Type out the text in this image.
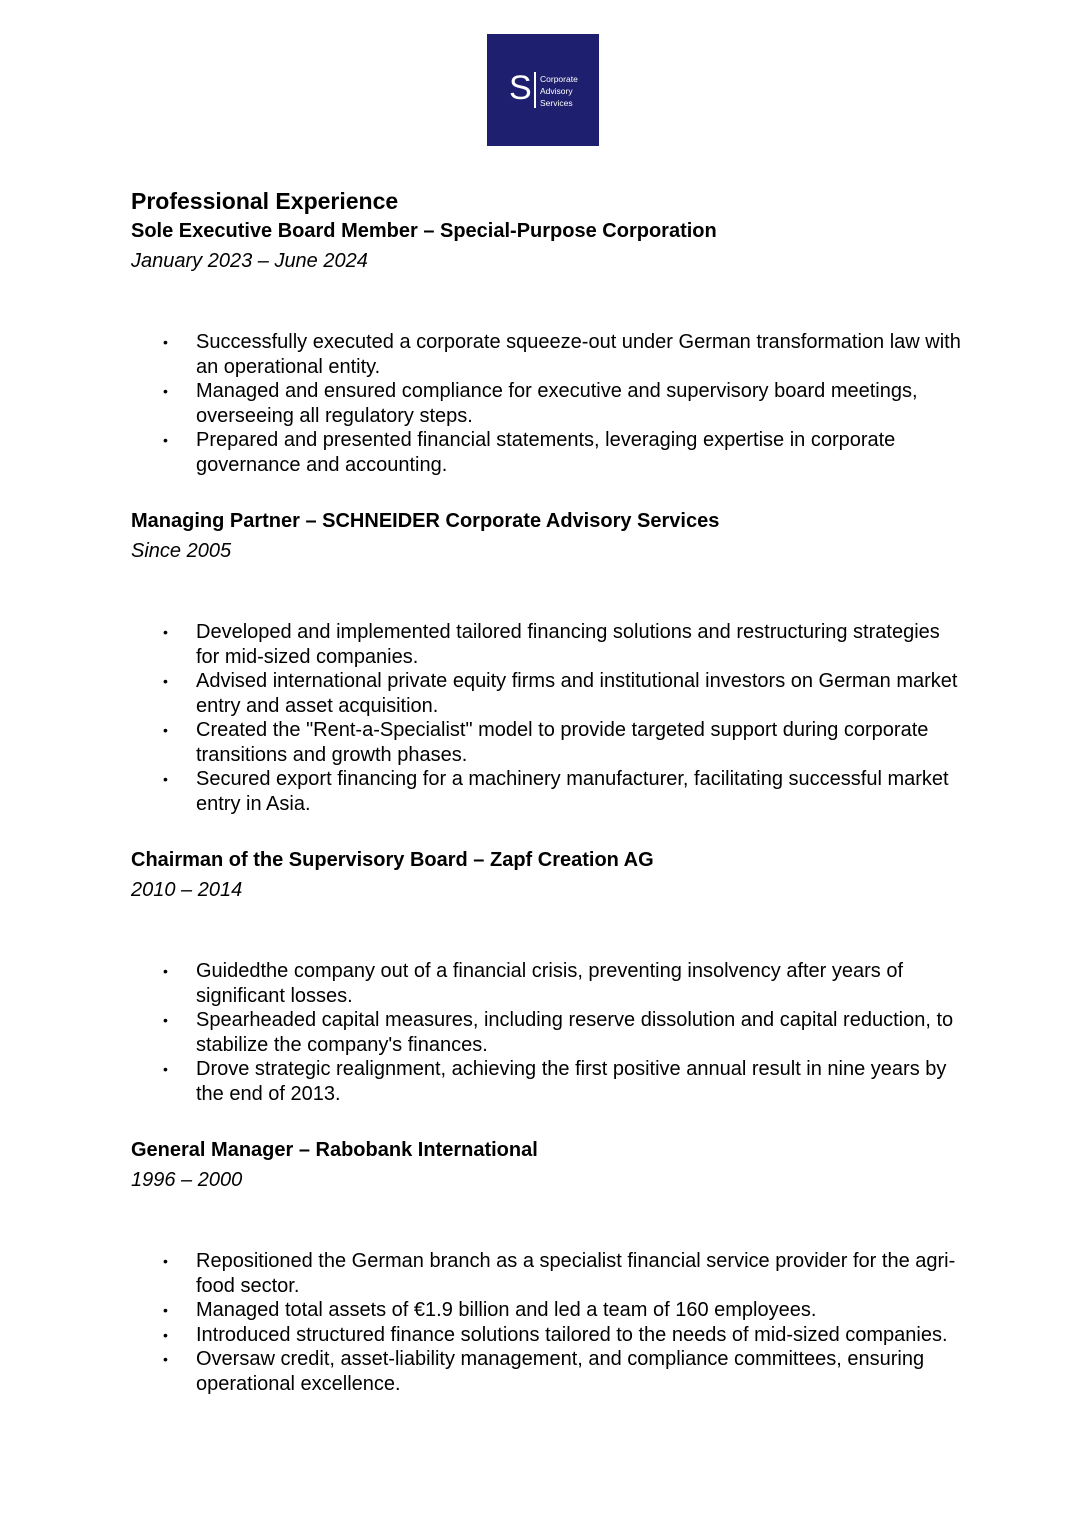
S Corporate
Advisory
Services
Professional Experience
Sole Executive Board Member – Special-Purpose Corporation
January 2023 – June 2024
• Successfully executed a corporate squeeze-out under German transformation law with an operational entity.
• Managed and ensured compliance for executive and supervisory board meetings, overseeing all regulatory steps.
• Prepared and presented financial statements, leveraging expertise in corporate governance and accounting.
Managing Partner – SCHNEIDER Corporate Advisory Services
Since 2005
• Developed and implemented tailored financing solutions and restructuring strategies for mid-sized companies.
• Advised international private equity firms and institutional investors on German market entry and asset acquisition.
• Created the "Rent-a-Specialist" model to provide targeted support during corporate transitions and growth phases.
• Secured export financing for a machinery manufacturer, facilitating successful market entry in Asia.
Chairman of the Supervisory Board – Zapf Creation AG
2010 – 2014
• Guidedthe company out of a financial crisis, preventing insolvency after years of significant losses.
• Spearheaded capital measures, including reserve dissolution and capital reduction, to stabilize the company's finances.
• Drove strategic realignment, achieving the first positive annual result in nine years by the end of 2013.
General Manager – Rabobank International
1996 – 2000
• Repositioned the German branch as a specialist financial service provider for the agri-food sector.
• Managed total assets of €1.9 billion and led a team of 160 employees.
• Introduced structured finance solutions tailored to the needs of mid-sized companies.
• Oversaw credit, asset-liability management, and compliance committees, ensuring operational excellence.
